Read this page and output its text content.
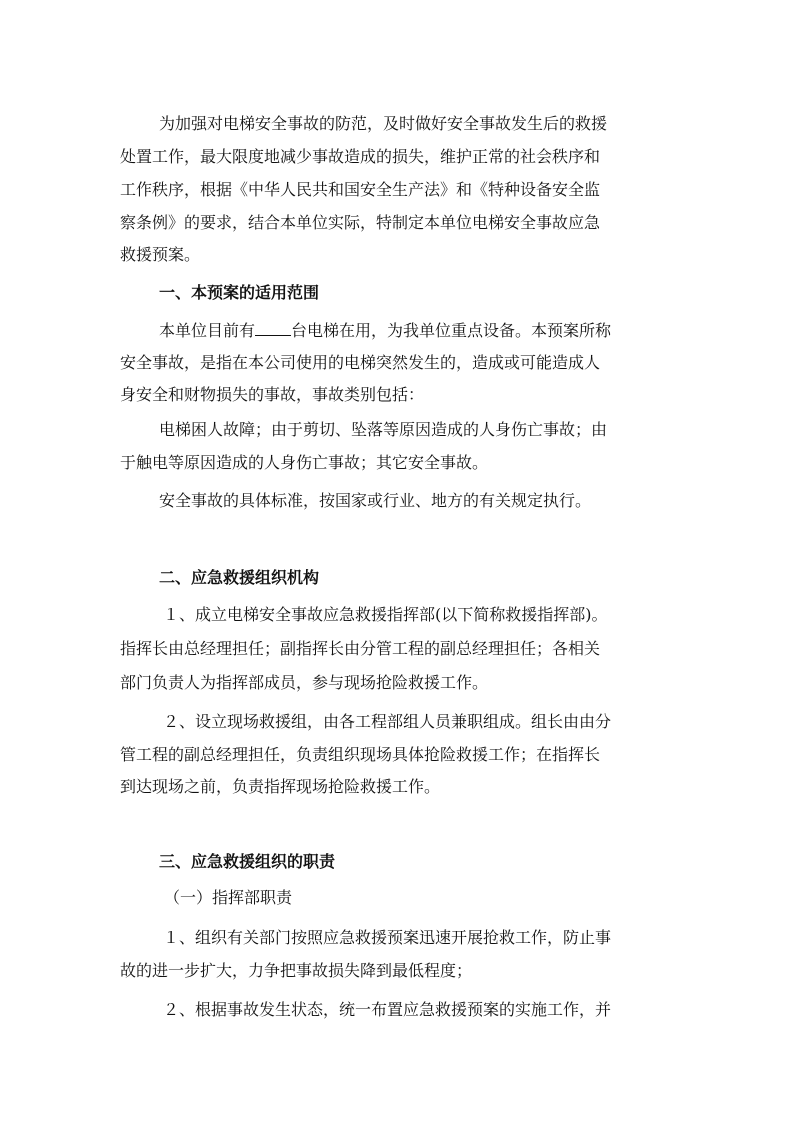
为加强对电梯安全事故的防范，及时做好安全事故发生后的救援
处置工作，最大限度地减少事故造成的损失，维护正常的社会秩序和
工作秩序，根据《中华人民共和国安全生产法》和《特种设备安全监
察条例》的要求，结合本单位实际，特制定本单位电梯安全事故应急
救援预案。
一、本预案的适用范围
本单位目前有 台电梯在用，为我单位重点设备。本预案所称
安全事故，是指在本公司使用的电梯突然发生的，造成或可能造成人
身安全和财物损失的事故，事故类别包括：
电梯困人故障；由于剪切、坠落等原因造成的人身伤亡事故；由
于触电等原因造成的人身伤亡事故；其它安全事故。
安全事故的具体标准，按国家或行业、地方的有关规定执行。
二、应急救援组织机构
１、成立电梯安全事故应急救援指挥部(以下简称救援指挥部)。
指挥长由总经理担任；副指挥长由分管工程的副总经理担任；各相关
部门负责人为指挥部成员，参与现场抢险救援工作。
２、设立现场救援组，由各工程部组人员兼职组成。组长由由分
管工程的副总经理担任，负责组织现场具体抢险救援工作；在指挥长
到达现场之前，负责指挥现场抢险救援工作。
三、应急救援组织的职责
（一）指挥部职责
１、组织有关部门按照应急救援预案迅速开展抢救工作，防止事
故的进一步扩大，力争把事故损失降到最低程度；
２、根据事故发生状态，统一布置应急救援预案的实施工作，并
